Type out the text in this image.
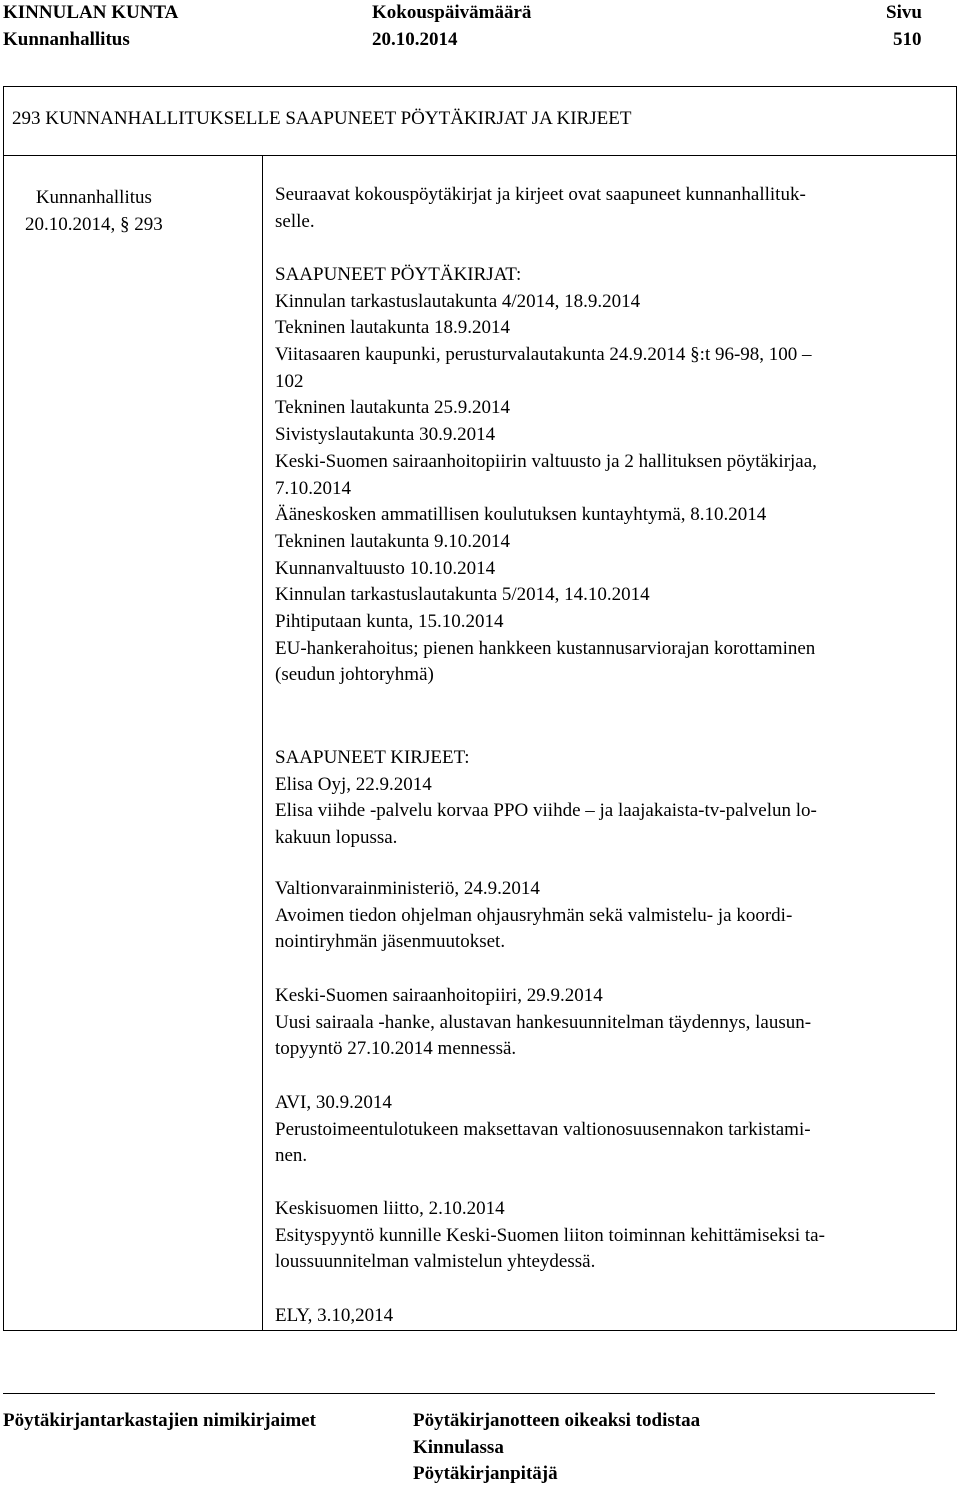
KINNULAN KUNTA
Kunnanhallitus
Kokouspäivämäärä
20.10.2014
Sivu
510
293 KUNNANHALLITUKSELLE SAAPUNEET PÖYTÄKIRJAT JA KIRJEET
Kunnanhallitus
20.10.2014, § 293
Seuraavat kokouspöytäkirjat ja kirjeet ovat saapuneet kunnanhallituk-
selle.
SAAPUNEET PÖYTÄKIRJAT:
Kinnulan tarkastuslautakunta 4/2014, 18.9.2014
Tekninen lautakunta 18.9.2014
Viitasaaren kaupunki, perusturvalautakunta 24.9.2014 §:t 96-98, 100 –
102
Tekninen lautakunta 25.9.2014
Sivistyslautakunta 30.9.2014
Keski-Suomen sairaanhoitopiirin valtuusto ja 2 hallituksen pöytäkirjaa,
7.10.2014
Ääneskosken ammatillisen koulutuksen kuntayhtymä, 8.10.2014
Tekninen lautakunta 9.10.2014
Kunnanvaltuusto 10.10.2014
Kinnulan tarkastuslautakunta 5/2014, 14.10.2014
Pihtiputaan kunta, 15.10.2014
EU-hankerahoitus; pienen hankkeen kustannusarviorajan korottaminen
(seudun johtoryhmä)
SAAPUNEET KIRJEET:
Elisa Oyj, 22.9.2014
Elisa viihde -palvelu korvaa PPO viihde – ja laajakaista-tv-palvelun lo-
kakuun lopussa.
Valtionvarainministeriö, 24.9.2014
Avoimen tiedon ohjelman ohjausryhmän sekä valmistelu- ja koordi-
nointiryhmän jäsenmuutokset.
Keski-Suomen sairaanhoitopiiri, 29.9.2014
Uusi sairaala -hanke, alustavan hankesuunnitelman täydennys, lausun-
topyyntö 27.10.2014 mennessä.
AVI, 30.9.2014
Perustoimeentulotukeen maksettavan valtionosuusennakon tarkistami-
nen.
Keskisuomen liitto, 2.10.2014
Esityspyyntö kunnille Keski-Suomen liiton toiminnan kehittämiseksi ta-
loussuunnitelman valmistelun yhteydessä.
ELY, 3.10,2014
Pöytäkirjantarkastajien nimikirjaimet	Pöytäkirjanotteen oikeaksi todistaa
Kinnulassa
Pöytäkirjanpitäjä
